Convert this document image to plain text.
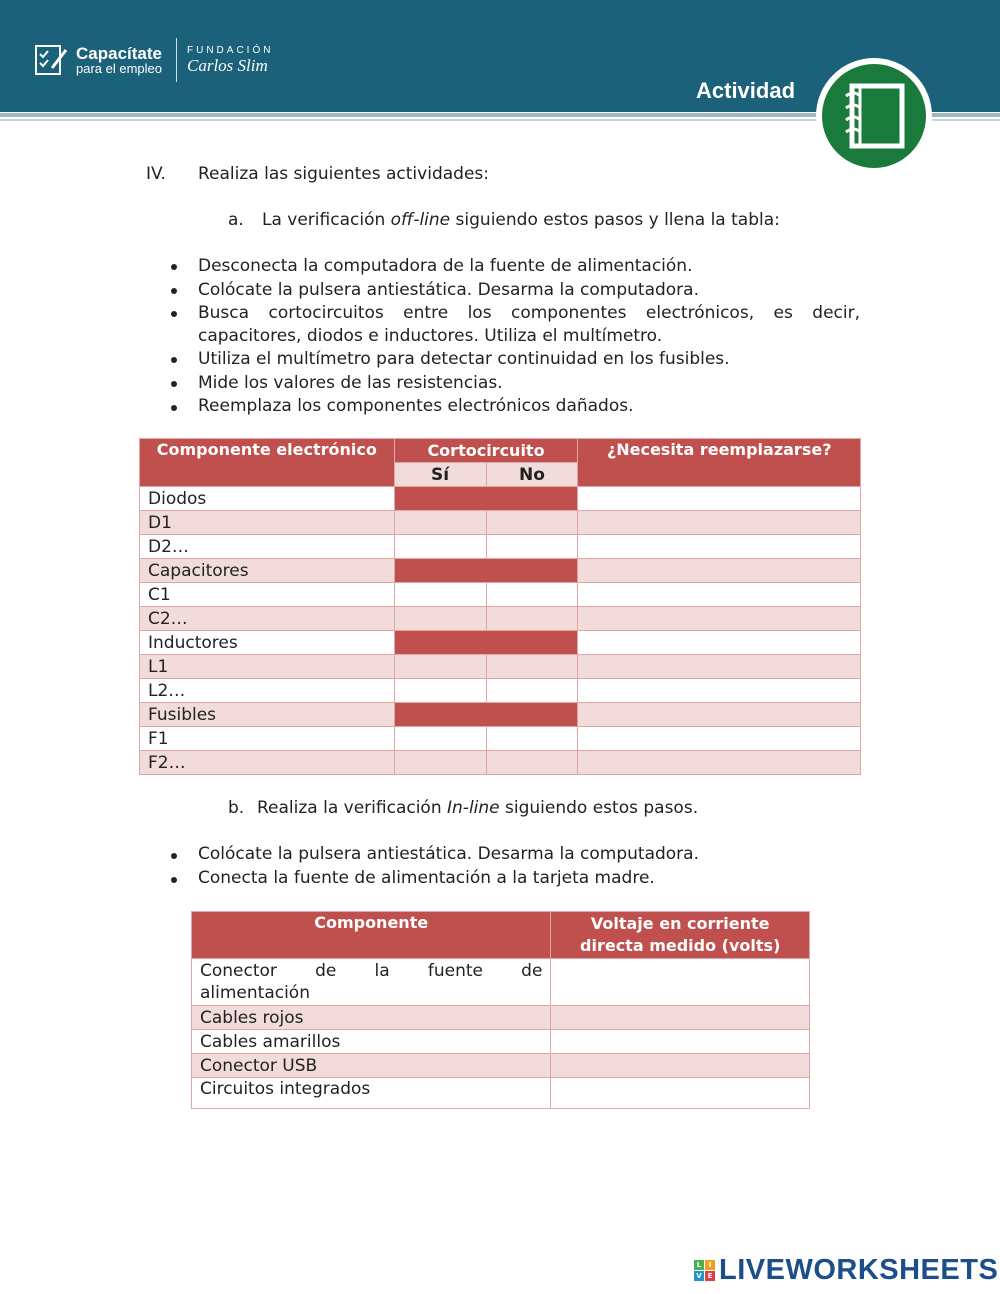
Capacítate
para el empleo
FUNDACIÓN
Carlos Slim
Actividad
IV. Realiza las siguientes actividades:
a. La verificación off-line siguiendo estos pasos y llena la tabla:
Desconecta la computadora de la fuente de alimentación.
Colócate la pulsera antiestática. Desarma la computadora.
Busca cortocircuitos entre los componentes electrónicos, es decir,
capacitores, diodos e inductores. Utiliza el multímetro.
Utiliza el multímetro para detectar continuidad en los fusibles.
Mide los valores de las resistencias.
Reemplaza los componentes electrónicos dañados.
Componente electrónico	Cortocircuito		¿Necesita reemplazarse?
	Sí	No	
Diodos			
D1			
D2…			
Capacitores			
C1			
C2…			
Inductores			
L1			
L2…			
Fusibles			
F1			
F2…			
b. Realiza la verificación In-line siguiendo estos pasos.
Colócate la pulsera antiestática. Desarma la computadora.
Conecta la fuente de alimentación a la tarjeta madre.
Componente	Voltaje en corriente
directa medido (volts)

Conector de la fuente de
alimentación	

Cables rojos	
Cables amarillos	
Conector USB	
Circuitos integrados	
L	I
V E LIVEWORKSHEETS
